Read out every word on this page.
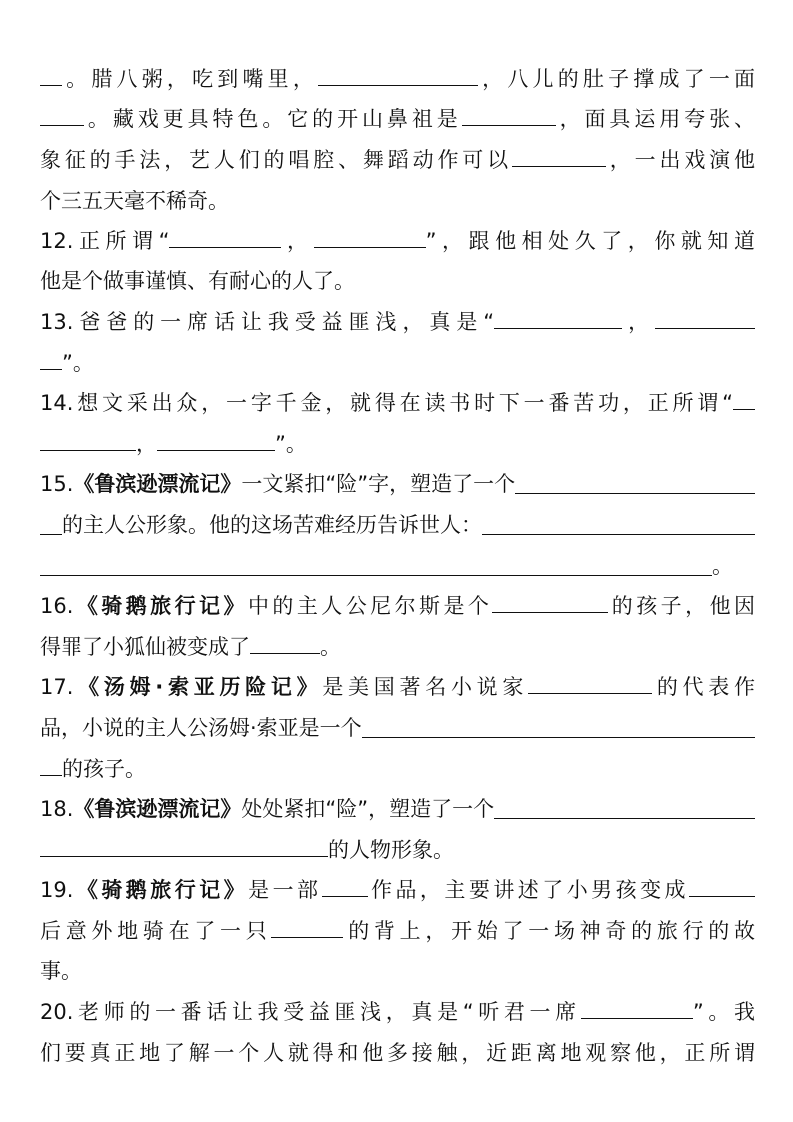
。腊八粥，吃到嘴里，	，八儿的肚子撑成了一面
。藏戏更具特色。它的开山鼻祖是	，面具运用夸张、
象征的手法，艺人们的唱腔、舞蹈动作可以	，一出戏演他
个三五天毫不稀奇。
12.正所谓“	，	”，跟他相处久了，你就知道
他是个做事谨慎、有耐心的人了。
13.爸爸的一席话让我受益匪浅，真是“	，
”。
14.想文采出众，一字千金，就得在读书时下一番苦功，正所谓“
，	”。
15. 《鲁滨逊漂流记》 一文紧扣“险”字，塑造了一个
的主人公形象。他的这场苦难经历告诉世人：
。
16.《骑鹅旅行记》中的主人公尼尔斯是个	的孩子，他因
得罪了小狐仙被变成了	。
17.《汤姆·索亚历险记》是美国著名小说家	的代表作
品，小说的主人公汤姆·索亚是一个
的孩子。
18. 《鲁滨逊漂流记》 处处紧扣“险”，塑造了一个
的人物形象。
19.《骑鹅旅行记》是一部 作品，主要讲述了小男孩变成
后意外地骑在了一只	的背上，开始了一场神奇的旅行的故
事。
20.老师的一番话让我受益匪浅，真是“听君一席	”。我
们要真正地了解一个人就得和他多接触，近距离地观察他，正所谓
